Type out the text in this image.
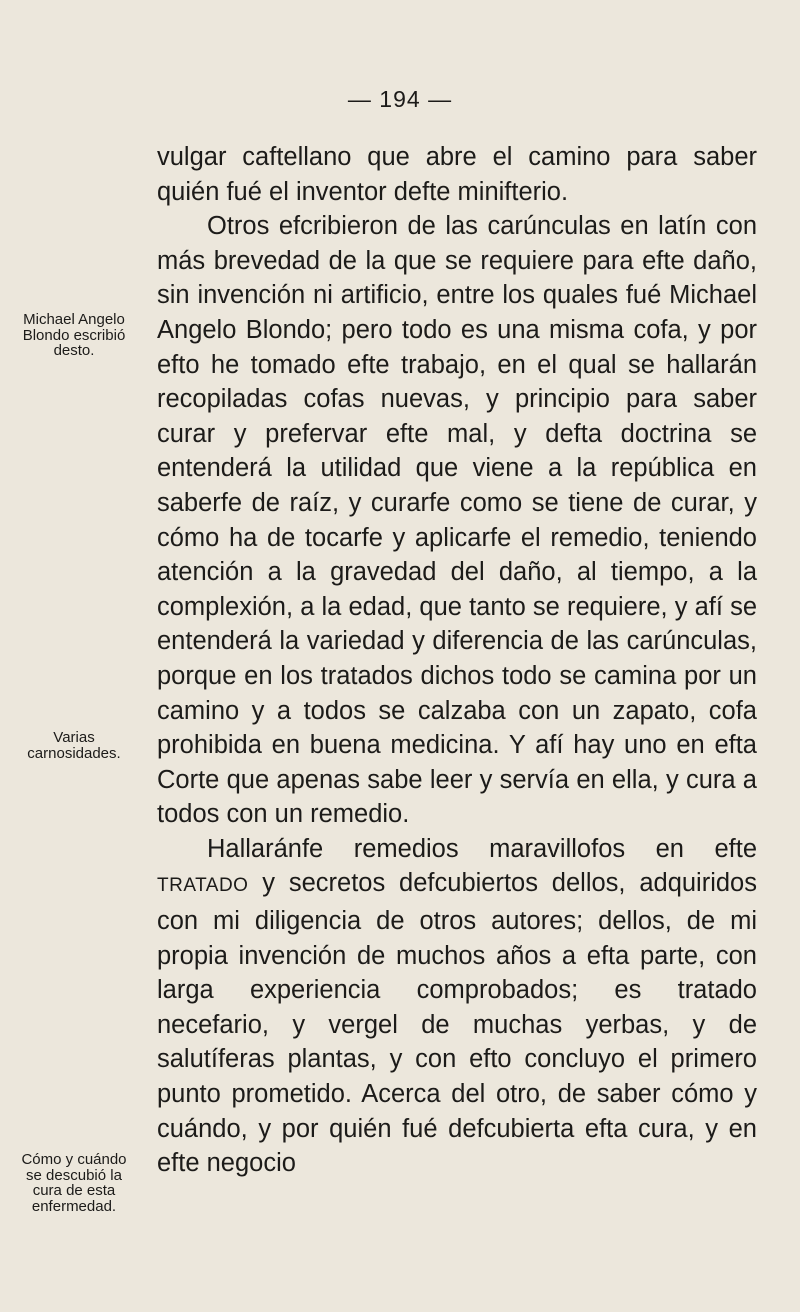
— 194 —
Michael Angelo Blondo escribió desto.
Varias carnosidades.
Cómo y cuándo se descubió la cura de esta enfermedad.

vulgar caftellano que abre el camino para saber quién fué el inventor defte minifterio.

Otros efcribieron de las carúnculas en latín con más brevedad de la que se requiere para efte daño, sin invención ni artificio, entre los quales fué Michael Angelo Blondo; pero todo es una misma cofa, y por efto he tomado efte trabajo, en el qual se hallarán recopiladas cofas nuevas, y principio para saber curar y prefervar efte mal, y defta doctrina se entenderá la utilidad que viene a la república en saberfe de raíz, y curarfe como se tiene de curar, y cómo ha de tocarfe y aplicarfe el remedio, teniendo atención a la gravedad del daño, al tiempo, a la complexión, a la edad, que tanto se requiere, y afí se entenderá la variedad y diferencia de las carúnculas, porque en los tratados dichos todo se camina por un camino y a todos se calzaba con un zapato, cofa prohibida en buena medicina. Y afí hay uno en efta Corte que apenas sabe leer y servía en ella, y cura a todos con un remedio.

Hallaránfe remedios maravillofos en efte TRATADO y secretos defcubiertos dellos, adquiridos con mi diligencia de otros autores; dellos, de mi propia invención de muchos años a efta parte, con larga experiencia comprobados; es tratado necefario, y vergel de muchas yerbas, y de salutíferas plantas, y con efto concluyo el primero punto prometido. Acerca del otro, de saber cómo y cuándo, y por quién fué defcubierta efta cura, y en efte negocio
